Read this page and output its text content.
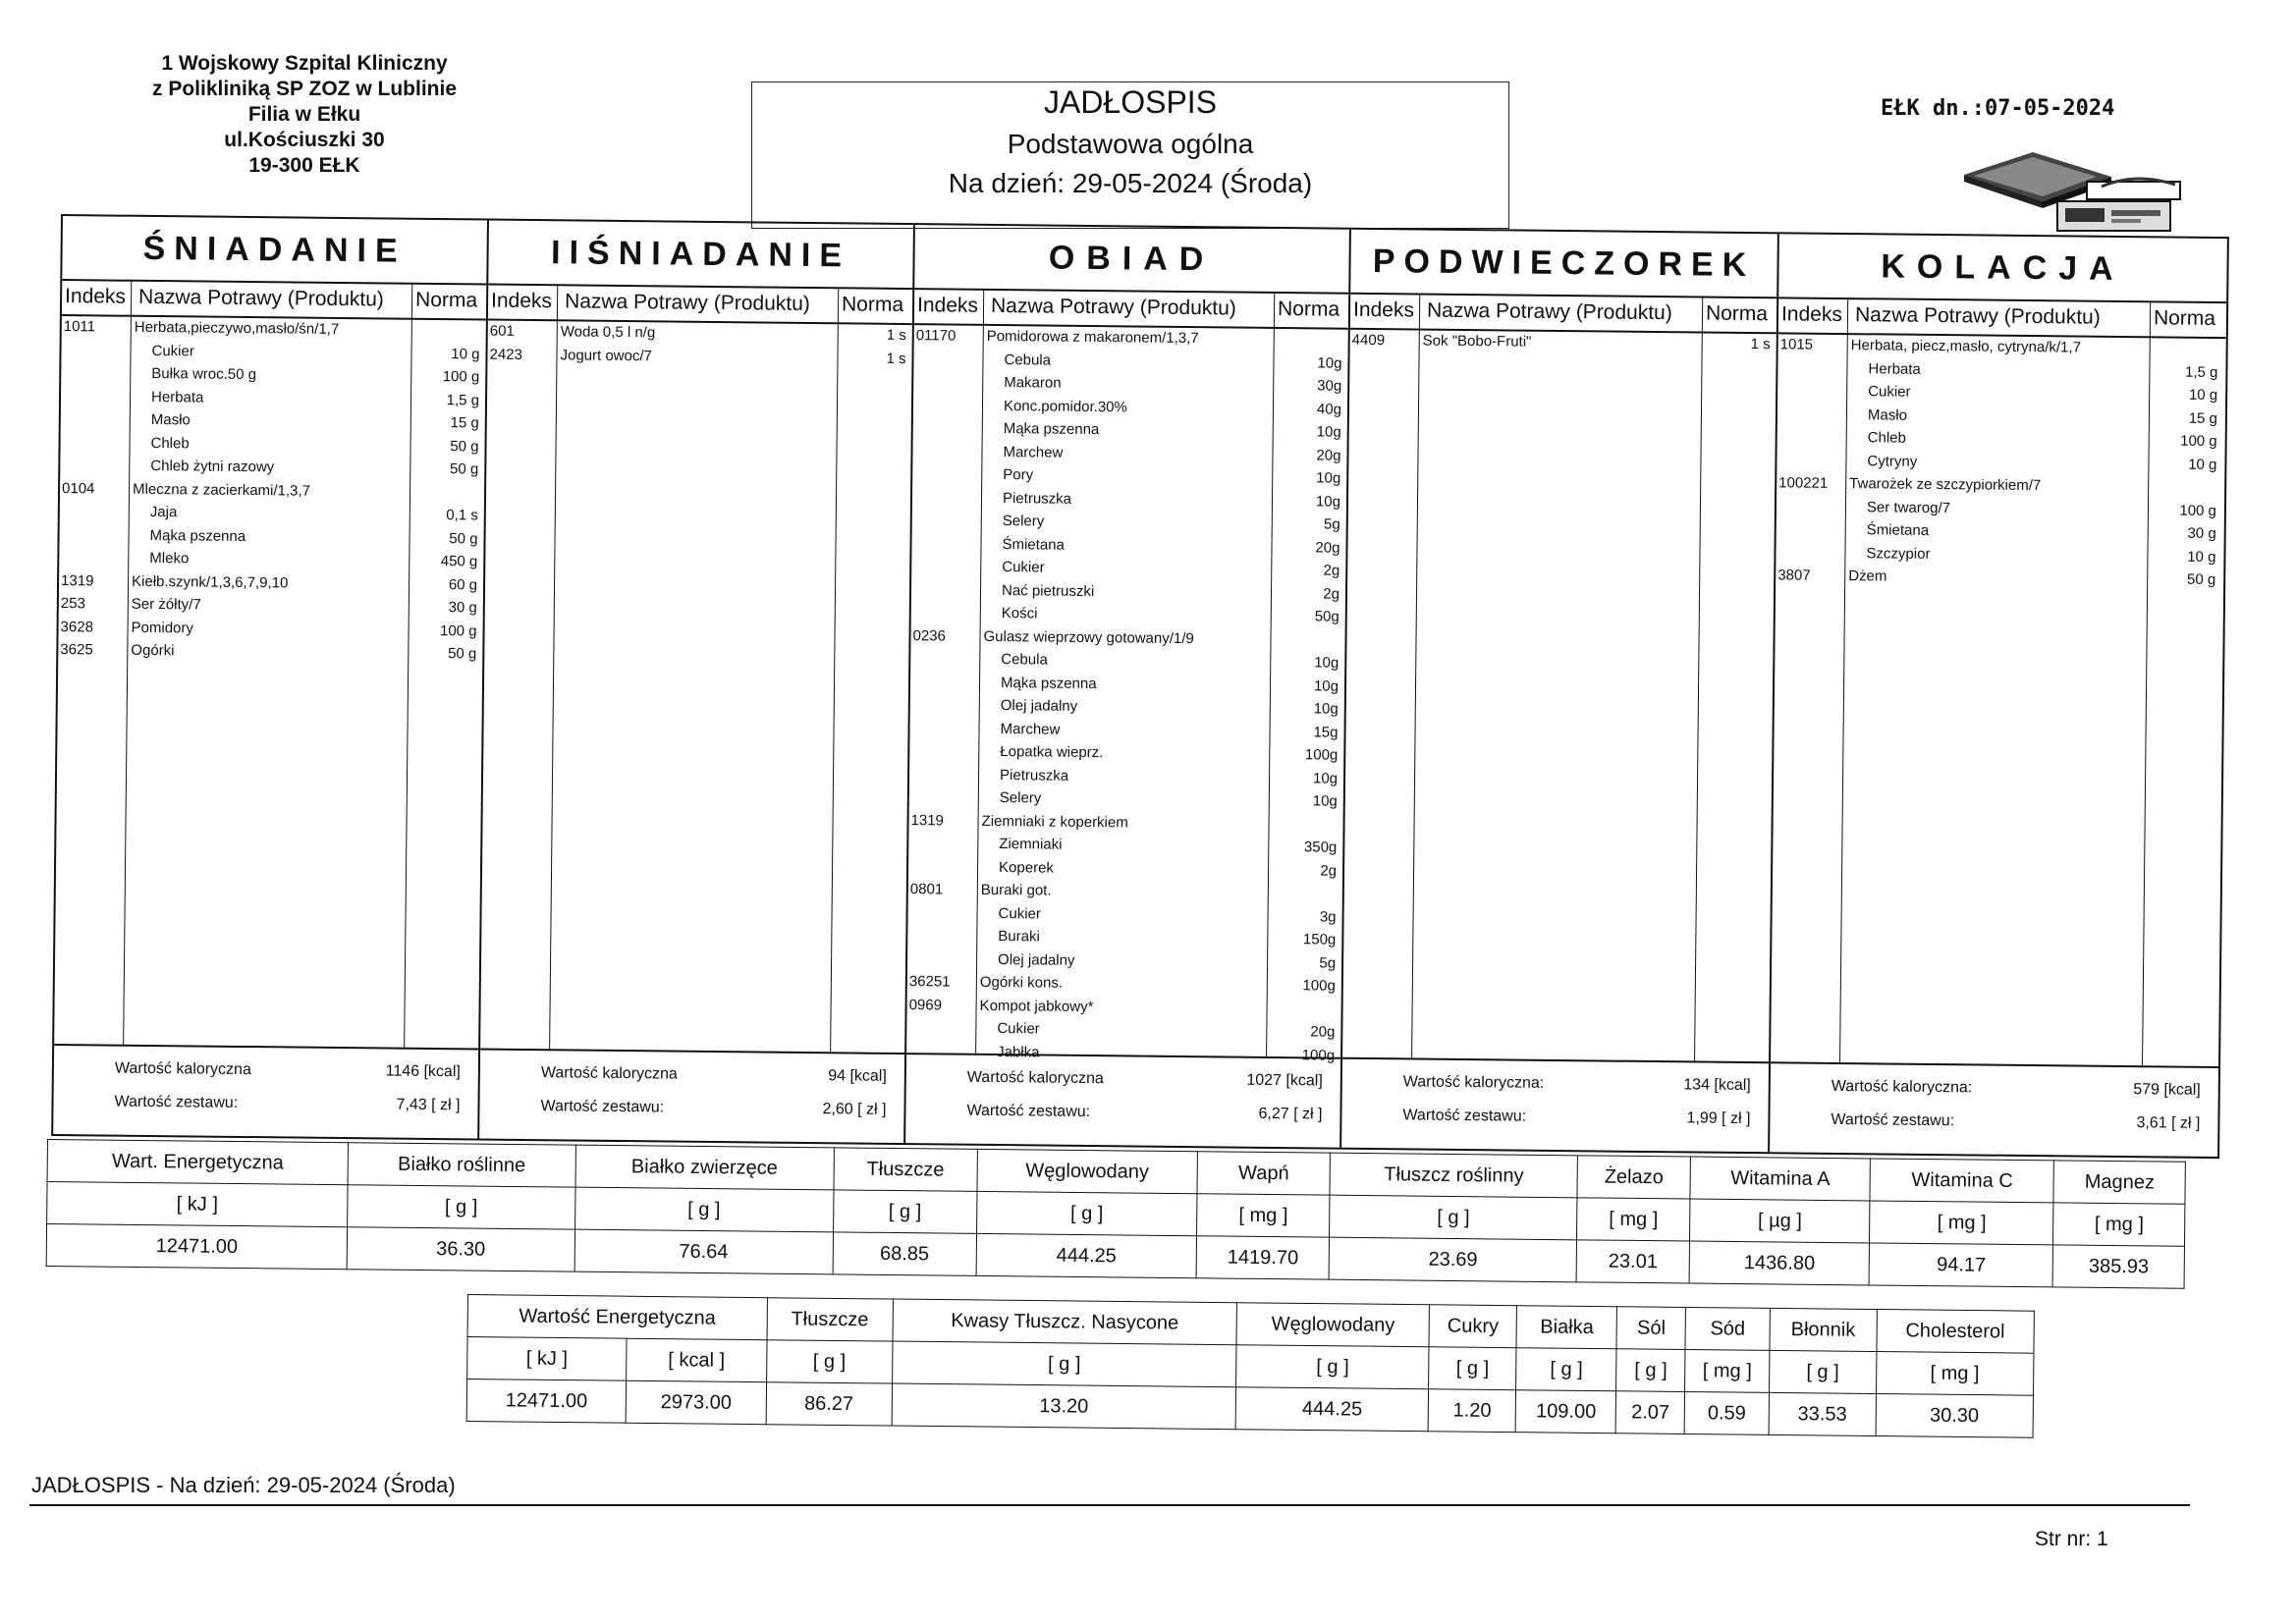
1 Wojskowy Szpital Kliniczny
z Polikliniką SP ZOZ w Lublinie
Filia w Ełku
ul.Kościuszki 30
19-300 EŁK
JADŁOSPIS
Podstawowa ogólna
Na dzień: 29-05-2024 (Środa)
EŁK dn.:07-05-2024
ŚNIADANIE
Indeks Nazwa Potrawy (Produktu) Norma
1011	Herbata,pieczywo,masło/śn/1,7
Cukier	10 g
Bułka wroc.50 g	100 g
Herbata	1,5 g
Masło	15 g
Chleb	50 g
Chleb żytni razowy	50 g
0104	Mleczna z zacierkami/1,3,7
Jaja	0,1 s
Mąka pszenna	50 g
Mleko	450 g
1319	Kiełb.szynk/1,3,6,7,9,10	60 g
253	Ser żółty/7	30 g
3628	Pomidory	100 g
3625	Ogórki	50 g
Wartość kaloryczna	1146 [kcal]
Wartość zestawu:	7,43 [ zł ]
IIŚNIADANIE
Indeks Nazwa Potrawy (Produktu) Norma
601	Woda 0,5 l n/g	1 s
2423	Jogurt owoc/7	1 s
Wartość kaloryczna	94 [kcal]
Wartość zestawu:	2,60 [ zł ]
OBIAD
Indeks Nazwa Potrawy (Produktu) Norma
01170 Pomidorowa z makaronem/1,3,7
Cebula	10g
Makaron	30g
Konc.pomidor.30%	40g
Mąka pszenna	10g
Marchew	20g
Pory	10g
Pietruszka	10g
Selery	5g
Śmietana	20g
Cukier	2g
Nać pietruszki	2g
Kości	50g
0236	Gulasz wieprzowy gotowany/1/9
Cebula	10g
Mąka pszenna	10g
Olej jadalny	10g
Marchew	15g
Łopatka wieprz.	100g
Pietruszka	10g
Selery	10g
1319	Ziemniaki z koperkiem
Ziemniaki	350g
Koperek	2g
0801	Buraki got.
Cukier	3g
Buraki	150g
Olej jadalny	5g
36251 Ogórki kons.	100g
0969	Kompot jabkowy*
Cukier	20g
Jabłka	100g
Wartość kaloryczna	1027 [kcal]
Wartość zestawu:	6,27 [ zł ]
PODWIECZOREK
Indeks Nazwa Potrawy (Produktu) Norma
4409	Sok "Bobo-Fruti"	1 s
Wartość kaloryczna:	134 [kcal]
Wartość zestawu:	1,99 [ zł ]
KOLACJA
Indeks Nazwa Potrawy (Produktu)	Norma
1015	Herbata, piecz,masło, cytryna/k/1,7
Herbata	1,5 g
Cukier	10 g
Masło	15 g
Chleb	100 g
Cytryny	10 g
100221 Twarożek ze szczypiorkiem/7
Ser twarog/7	100 g
Śmietana	30 g
Szczypior	10 g
3807	Dżem	50 g
Wartość kaloryczna:	579 [kcal]
Wartość zestawu:	3,61 [ zł ]
Wart. Energetyczna	Białko roślinne	Białko zwierzęce	Tłuszcze	Węglowodany	Wapń	Tłuszcz roślinny	Żelazo	Witamina A	Witamina C	Magnez
[ kJ ]	[ g ]	[ g ]	[ g ]	[ g ]	[ mg ]	[ g ]	[ mg ]	[ µg ]	[ mg ]	[ mg ]
12471.00	36.30	76.64	68.85	444.25	1419.70	23.69	23.01	1436.80	94.17	385.93
Wartość Energetyczna		Tłuszcze	Kwasy Tłuszcz. Nasycone	Węglowodany	Cukry	Białka	Sól	Sód	Błonnik	Cholesterol
[ kJ ]	[ kcal ]	[ g ]	[ g ]	[ g ]	[ g ]	[ g ]	[ g ]	[ mg ]	[ g ]	[ mg ]
12471.00	2973.00	86.27	13.20	444.25	1.20	109.00	2.07	0.59	33.53	30.30
JADŁOSPIS - Na dzień: 29-05-2024 (Środa)
Str nr: 1
